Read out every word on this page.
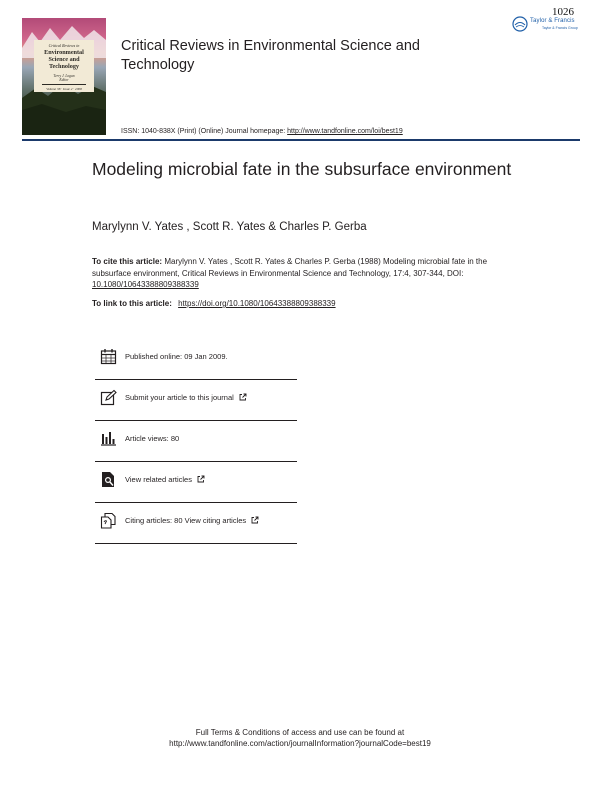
1026
Taylor & Francis
Taylor & Francis Group
Critical Reviews in
Environmental
Science and
Technology
Terry J. Logan
Editor
Volume 38 · Issue 2 · 2008
Critical Reviews in Environmental Science and Technology
ISSN: 1040-838X (Print) (Online) Journal homepage: http://www.tandfonline.com/loi/best19
Modeling microbial fate in the subsurface environment
Marylynn V. Yates , Scott R. Yates & Charles P. Gerba
To cite this article: Marylynn V. Yates , Scott R. Yates & Charles P. Gerba (1988) Modeling microbial fate in the subsurface environment, Critical Reviews in Environmental Science and Technology, 17:4, 307-344, DOI: 10.1080/10643388809388339
To link to this article: https://doi.org/10.1080/10643388809388339
Published online: 09 Jan 2009.
Submit your article to this journal
Article views: 80
View related articles
Citing articles: 80 View citing articles
Full Terms & Conditions of access and use can be found at
http://www.tandfonline.com/action/journalInformation?journalCode=best19
